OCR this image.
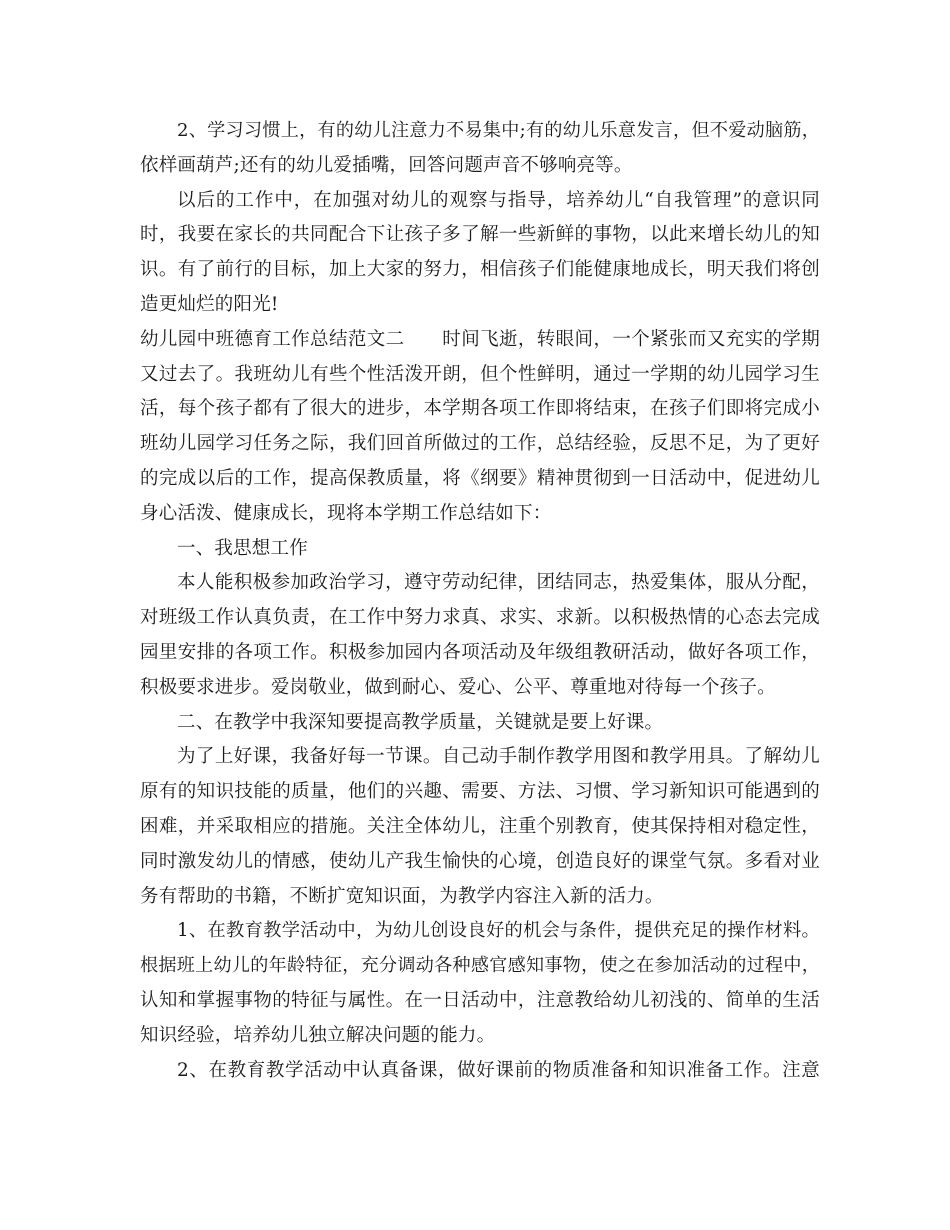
2、学习习惯上，有的幼儿注意力不易集中;有的幼儿乐意发言，但不爱动脑筋，
依样画葫芦;还有的幼儿爱插嘴，回答问题声音不够响亮等。
以后的工作中，在加强对幼儿的观察与指导，培养幼儿“自我管理”的意识同
时，我要在家长的共同配合下让孩子多了解一些新鲜的事物，以此来增长幼儿的知
识。有了前行的目标，加上大家的努力，相信孩子们能健康地成长，明天我们将创
造更灿烂的阳光!
幼儿园中班德育工作总结范文二　　时间飞逝，转眼间，一个紧张而又充实的学期
又过去了。我班幼儿有些个性活泼开朗，但个性鲜明，通过一学期的幼儿园学习生
活，每个孩子都有了很大的进步，本学期各项工作即将结束，在孩子们即将完成小
班幼儿园学习任务之际，我们回首所做过的工作，总结经验，反思不足，为了更好
的完成以后的工作，提高保教质量，将《纲要》精神贯彻到一日活动中，促进幼儿
身心活泼、健康成长，现将本学期工作总结如下：
一、我思想工作
本人能积极参加政治学习，遵守劳动纪律，团结同志，热爱集体，服从分配，
对班级工作认真负责，在工作中努力求真、求实、求新。以积极热情的心态去完成
园里安排的各项工作。积极参加园内各项活动及年级组教研活动，做好各项工作，
积极要求进步。爱岗敬业，做到耐心、爱心、公平、尊重地对待每一个孩子。
二、在教学中我深知要提高教学质量，关键就是要上好课。
为了上好课，我备好每一节课。自己动手制作教学用图和教学用具。了解幼儿
原有的知识技能的质量，他们的兴趣、需要、方法、习惯、学习新知识可能遇到的
困难，并采取相应的措施。关注全体幼儿，注重个别教育，使其保持相对稳定性，
同时激发幼儿的情感，使幼儿产我生愉快的心境，创造良好的课堂气氛。多看对业
务有帮助的书籍，不断扩宽知识面，为教学内容注入新的活力。
1、在教育教学活动中，为幼儿创设良好的机会与条件，提供充足的操作材料。
根据班上幼儿的年龄特征，充分调动各种感官感知事物，使之在参加活动的过程中，
认知和掌握事物的特征与属性。在一日活动中，注意教给幼儿初浅的、简单的生活
知识经验，培养幼儿独立解决问题的能力。
2、在教育教学活动中认真备课，做好课前的物质准备和知识准备工作。注意
